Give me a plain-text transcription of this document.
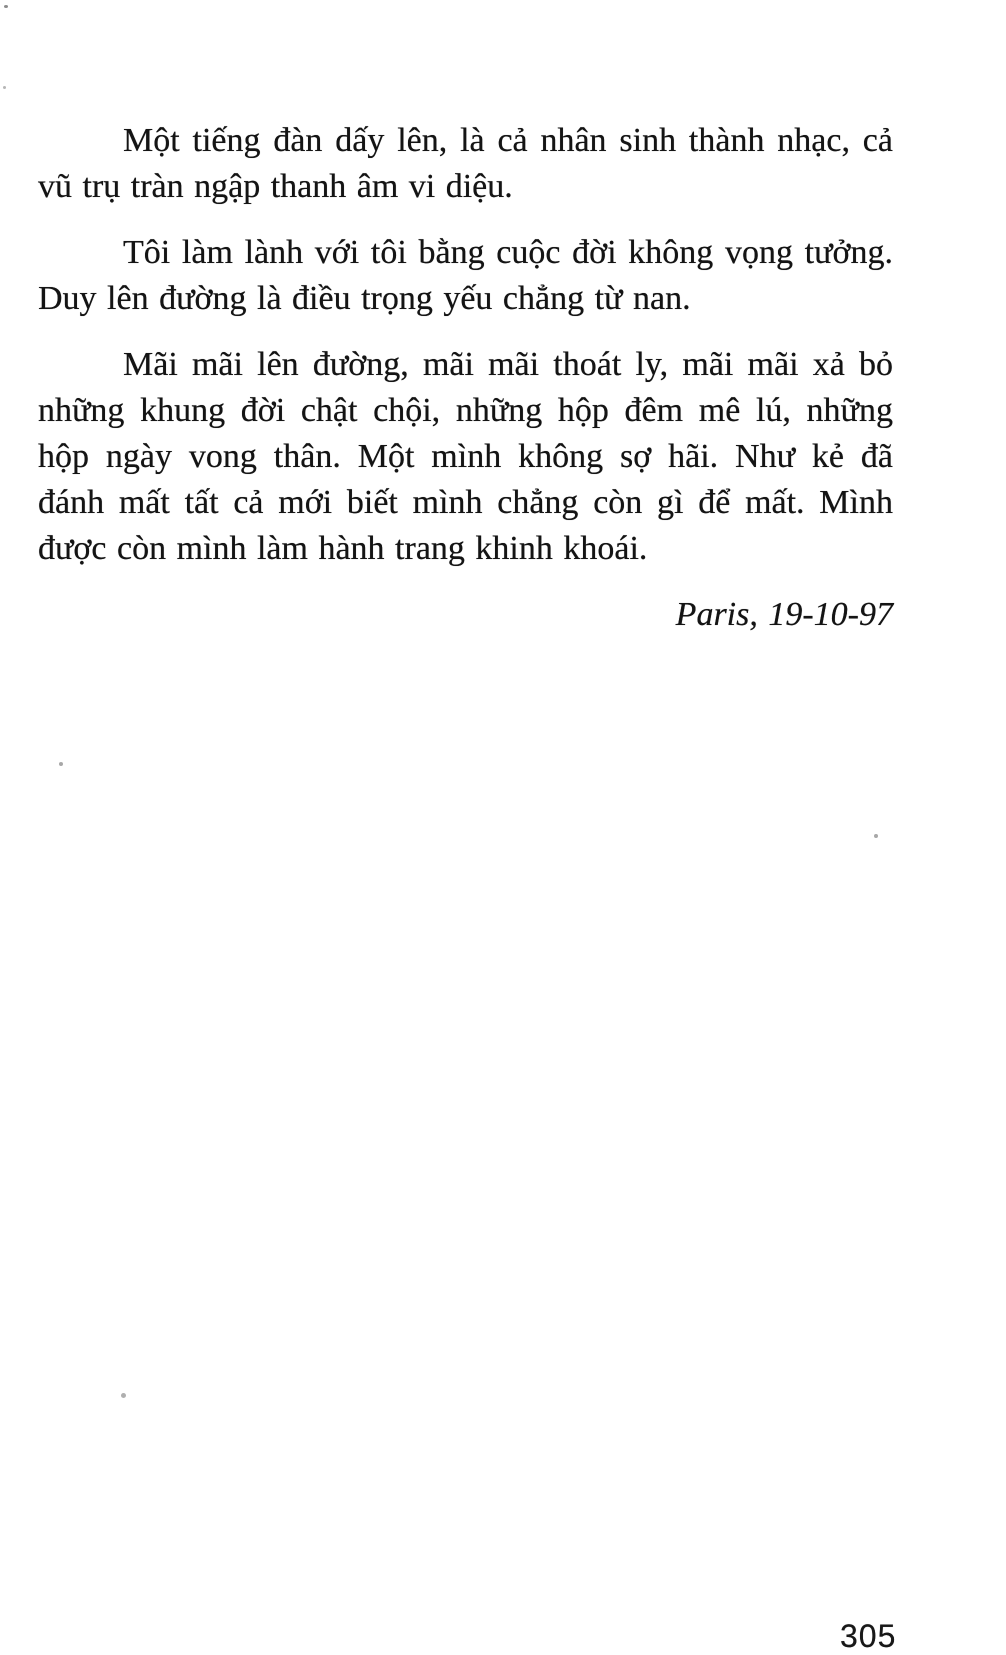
Một tiếng đàn dấy lên, là cả nhân sinh thành nhạc, cả vũ trụ tràn ngập thanh âm vi diệu.

Tôi làm lành với tôi bằng cuộc đời không vọng tưởng. Duy lên đường là điều trọng yếu chẳng từ nan.

Mãi mãi lên đường, mãi mãi thoát ly, mãi mãi xả bỏ những khung đời chật chội, những hộp đêm mê lú, những hộp ngày vong thân. Một mình không sợ hãi. Như kẻ đã đánh mất tất cả mới biết mình chẳng còn gì để mất. Mình được còn mình làm hành trang khinh khoái.

Paris, 19-10-97

305
